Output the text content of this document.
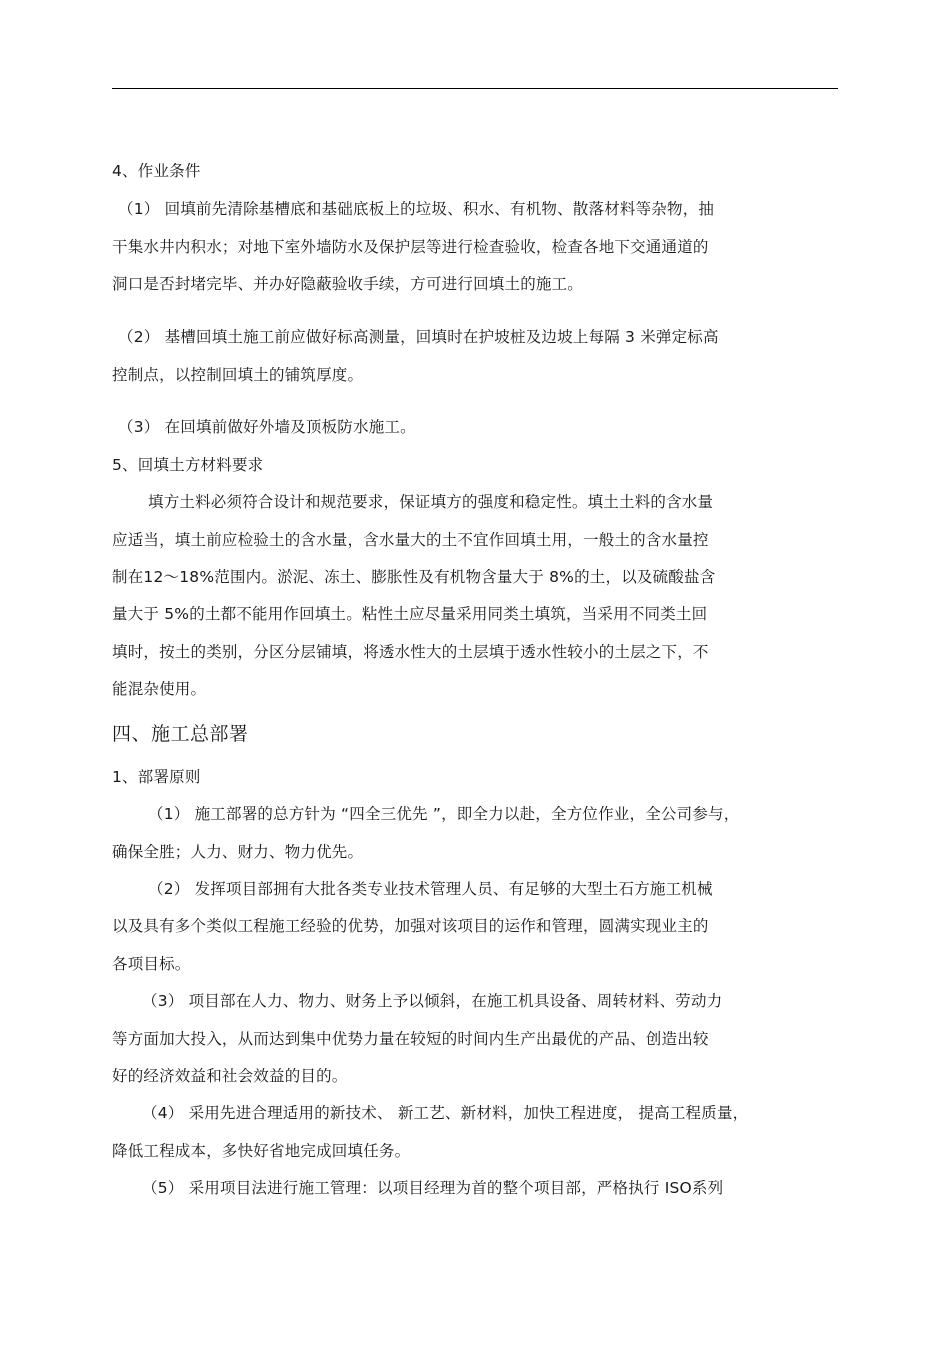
4、作业条件
（1） 回填前先清除基槽底和基础底板上的垃圾、积水、有机物、散落材料等杂物，抽
干集水井内积水；对地下室外墙防水及保护层等进行检查验收，检查各地下交通通道的
洞口是否封堵完毕、并办好隐蔽验收手续，方可进行回填土的施工。
（2） 基槽回填土施工前应做好标高测量，回填时在护坡桩及边坡上每隔 3 米弹定标高
控制点，以控制回填土的铺筑厚度。
（3） 在回填前做好外墙及顶板防水施工。
5、回填土方材料要求
填方土料必须符合设计和规范要求，保证填方的强度和稳定性。填土土料的含水量
应适当，填土前应检验土的含水量，含水量大的土不宜作回填土用，一般土的含水量控
制在12～18%范围内。淤泥、冻土、膨胀性及有机物含量大于 8%的土，以及硫酸盐含
量大于 5%的土都不能用作回填土。粘性土应尽量采用同类土填筑，当采用不同类土回
填时，按土的类别，分区分层铺填，将透水性大的土层填于透水性较小的土层之下，不
能混杂使用。
四、施工总部署
1、部署原则
（1） 施工部署的总方针为 “四全三优先 ”，即全力以赴，全方位作业，全公司参与，
确保全胜；人力、财力、物力优先。
（2） 发挥项目部拥有大批各类专业技术管理人员、有足够的大型土石方施工机械
以及具有多个类似工程施工经验的优势，加强对该项目的运作和管理，圆满实现业主的
各项目标。
（3） 项目部在人力、物力、财务上予以倾斜，在施工机具设备、周转材料、劳动力
等方面加大投入，从而达到集中优势力量在较短的时间内生产出最优的产品、创造出较
好的经济效益和社会效益的目的。
（4） 采用先进合理适用的新技术、 新工艺、新材料，加快工程进度， 提高工程质量，
降低工程成本，多快好省地完成回填任务。
（5） 采用项目法进行施工管理：以项目经理为首的整个项目部，严格执行 ISO系列
